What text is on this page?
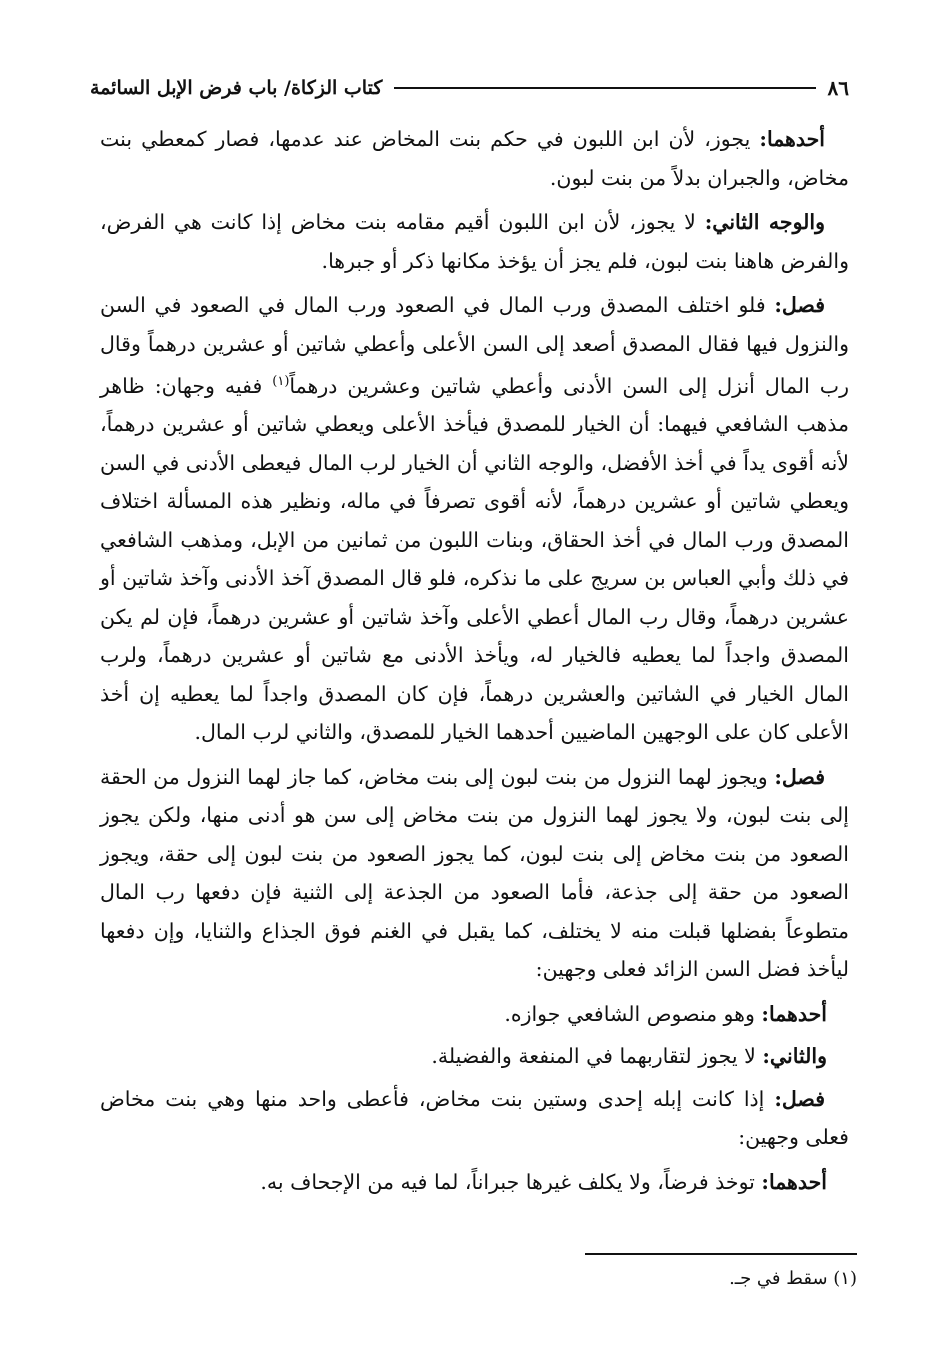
٨٦
كتاب الزكاة/ باب فرض الإبل السائمة

أحدهما: يجوز، لأن ابن اللبون في حكم بنت المخاض عند عدمها، فصار كمعطي بنت مخاض، والجبران بدلاً من بنت لبون.

والوجه الثاني: لا يجوز، لأن ابن اللبون أقيم مقامه بنت مخاض إذا كانت هي الفرض، والفرض هاهنا بنت لبون، فلم يجز أن يؤخذ مكانها ذكر أو جبرها.

فصل: فلو اختلف المصدق ورب المال في الصعود ورب المال في الصعود في السن والنزول فيها فقال المصدق أصعد إلى السن الأعلى وأعطي شاتين أو عشرين درهماً وقال رب المال أنزل إلى السن الأدنى وأعطي شاتين وعشرين درهماً$^{(١)}$ ففيه وجهان: ظاهر مذهب الشافعي فيهما: أن الخيار للمصدق فيأخذ الأعلى ويعطي شاتين أو عشرين درهماً، لأنه أقوى يداً في أخذ الأفضل، والوجه الثاني أن الخيار لرب المال فيعطى الأدنى في السن ويعطي شاتين أو عشرين درهماً، لأنه أقوى تصرفاً في ماله، ونظير هذه المسألة اختلاف المصدق ورب المال في أخذ الحقاق، وبنات اللبون من ثمانين من الإبل، ومذهب الشافعي في ذلك وأبي العباس بن سريج على ما نذكره، فلو قال المصدق آخذ الأدنى وآخذ شاتين أو عشرين درهماً، وقال رب المال أعطي الأعلى وآخذ شاتين أو عشرين درهماً، فإن لم يكن المصدق واجداً لما يعطيه فالخيار له، ويأخذ الأدنى مع شاتين أو عشرين درهماً، ولرب المال الخيار في الشاتين والعشرين درهماً، فإن كان المصدق واجداً لما يعطيه إن أخذ الأعلى كان على الوجهين الماضيين أحدهما الخيار للمصدق، والثاني لرب المال.

فصل: ويجوز لهما النزول من بنت لبون إلى بنت مخاض، كما جاز لهما النزول من الحقة إلى بنت لبون، ولا يجوز لهما النزول من بنت مخاض إلى سن هو أدنى منها، ولكن يجوز الصعود من بنت مخاض إلى بنت لبون، كما يجوز الصعود من بنت لبون إلى حقة، ويجوز الصعود من حقة إلى جذعة، فأما الصعود من الجذعة إلى الثنية فإن دفعها رب المال متطوعاً بفضلها قبلت منه لا يختلف، كما يقبل في الغنم فوق الجذاع والثنايا، وإن دفعها ليأخذ فضل السن الزائد فعلى وجهين:

أحدهما: وهو منصوص الشافعي جوازه.

والثاني: لا يجوز لتقاربهما في المنفعة والفضيلة.

فصل: إذا كانت إبله إحدى وستين بنت مخاض، فأعطى واحد منها وهي بنت مخاض فعلى وجهين:

أحدهما: توخذ فرضاً، ولا يكلف غيرها جبراناً، لما فيه من الإجحاف به.

(١) سقط في جـ.
